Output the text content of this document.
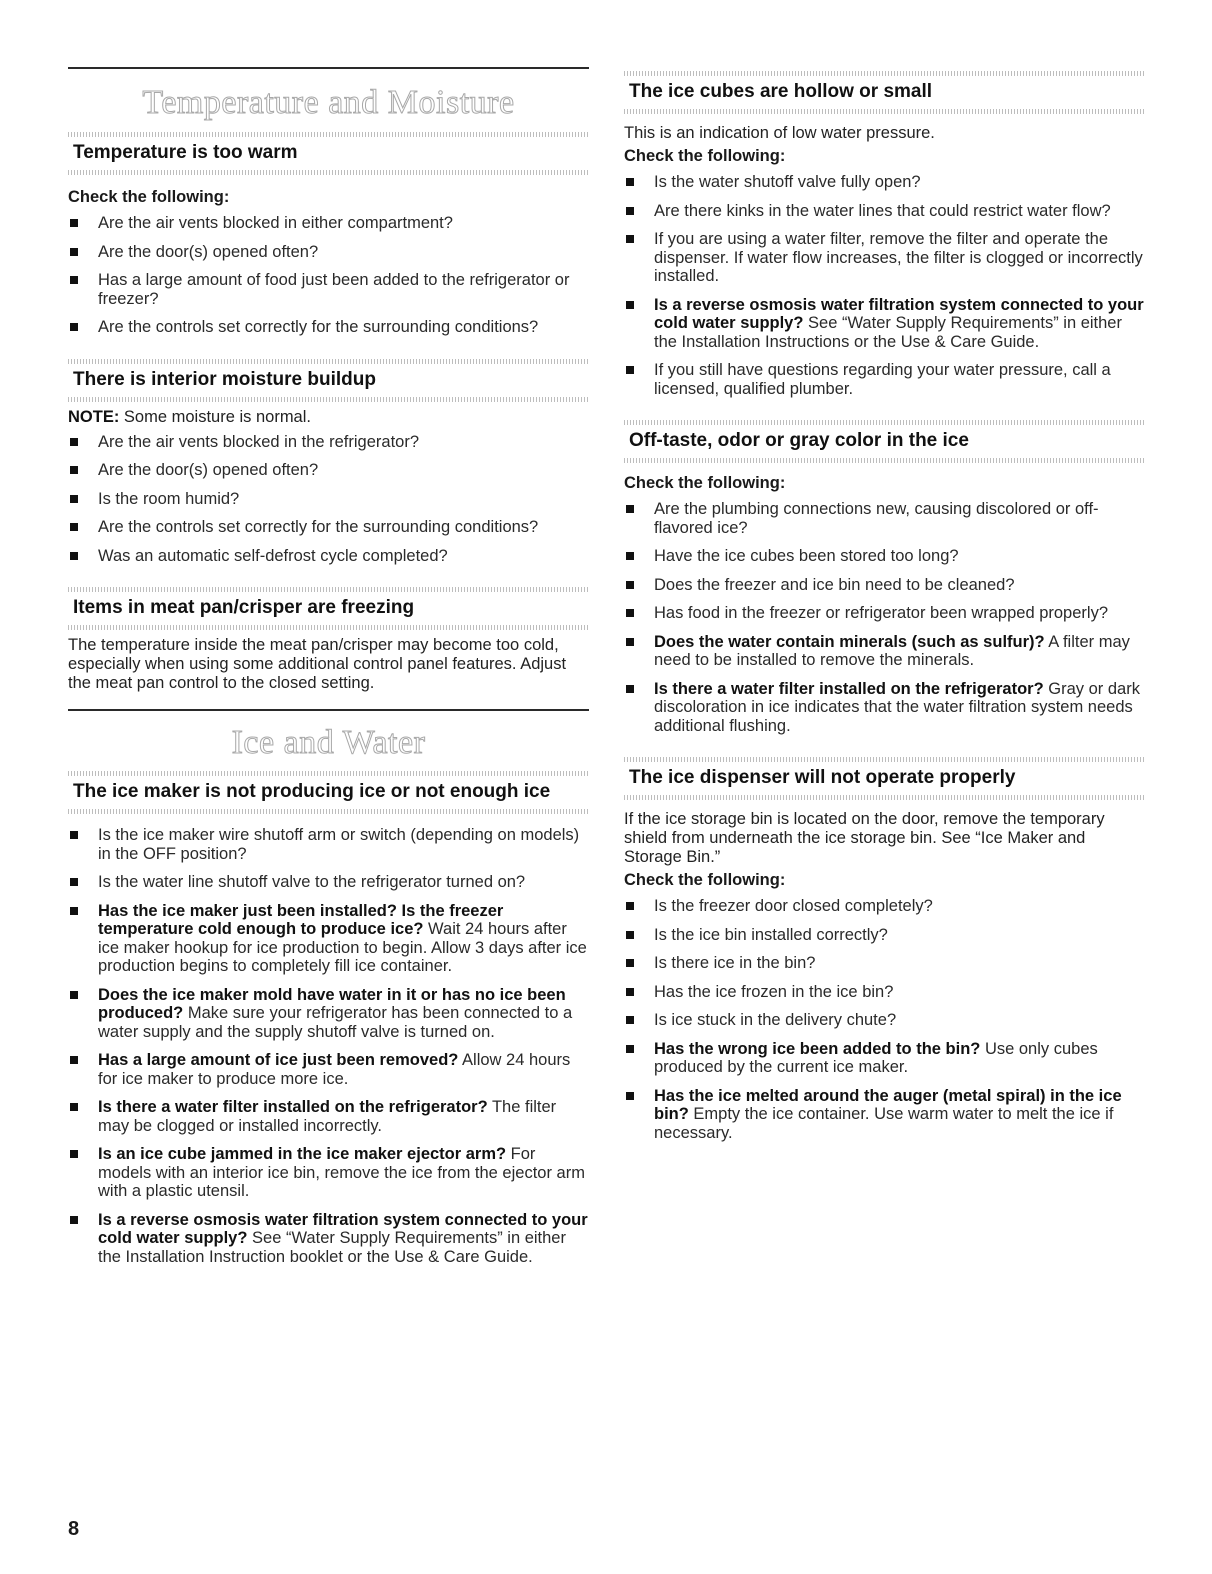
Temperature and Moisture
Temperature is too warm
Check the following:
Are the air vents blocked in either compartment?
Are the door(s) opened often?
Has a large amount of food just been added to the refrigerator or freezer?
Are the controls set correctly for the surrounding conditions?
There is interior moisture buildup

NOTE: Some moisture is normal.

Are the air vents blocked in the refrigerator?
Are the door(s) opened often?
Is the room humid?
Are the controls set correctly for the surrounding conditions?
Was an automatic self-defrost cycle completed?
Items in meat pan/crisper are freezing

The temperature inside the meat pan/crisper may become too cold, especially when using some additional control panel features. Adjust the meat pan control to the closed setting.

Ice and Water
The ice maker is not producing ice or not enough ice
Is the ice maker wire shutoff arm or switch (depending on models) in the OFF position?
Is the water line shutoff valve to the refrigerator turned on?
Has the ice maker just been installed? Is the freezer temperature cold enough to produce ice? Wait 24 hours after ice maker hookup for ice production to begin. Allow 3 days after ice production begins to completely fill ice container.
Does the ice maker mold have water in it or has no ice been produced? Make sure your refrigerator has been connected to a water supply and the supply shutoff valve is turned on.
Has a large amount of ice just been removed? Allow 24 hours for ice maker to produce more ice.
Is there a water filter installed on the refrigerator? The filter may be clogged or installed incorrectly.
Is an ice cube jammed in the ice maker ejector arm? For models with an interior ice bin, remove the ice from the ejector arm with a plastic utensil.
Is a reverse osmosis water filtration system connected to your cold water supply? See “Water Supply Requirements” in either the Installation Instruction booklet or the Use & Care Guide.
The ice cubes are hollow or small

This is an indication of low water pressure.

Check the following:
Is the water shutoff valve fully open?
Are there kinks in the water lines that could restrict water flow?
If you are using a water filter, remove the filter and operate the dispenser. If water flow increases, the filter is clogged or incorrectly installed.
Is a reverse osmosis water filtration system connected to your cold water supply? See “Water Supply Requirements” in either the Installation Instructions or the Use & Care Guide.
If you still have questions regarding your water pressure, call a licensed, qualified plumber.
Off-taste, odor or gray color in the ice
Check the following:
Are the plumbing connections new, causing discolored or off-flavored ice?
Have the ice cubes been stored too long?
Does the freezer and ice bin need to be cleaned?
Has food in the freezer or refrigerator been wrapped properly?
Does the water contain minerals (such as sulfur)? A filter may need to be installed to remove the minerals.
Is there a water filter installed on the refrigerator? Gray or dark discoloration in ice indicates that the water filtration system needs additional flushing.
The ice dispenser will not operate properly

If the ice storage bin is located on the door, remove the temporary shield from underneath the ice storage bin. See “Ice Maker and Storage Bin.”

Check the following:
Is the freezer door closed completely?
Is the ice bin installed correctly?
Is there ice in the bin?
Has the ice frozen in the ice bin?
Is ice stuck in the delivery chute?
Has the wrong ice been added to the bin? Use only cubes produced by the current ice maker.
Has the ice melted around the auger (metal spiral) in the ice bin? Empty the ice container. Use warm water to melt the ice if necessary.
8
